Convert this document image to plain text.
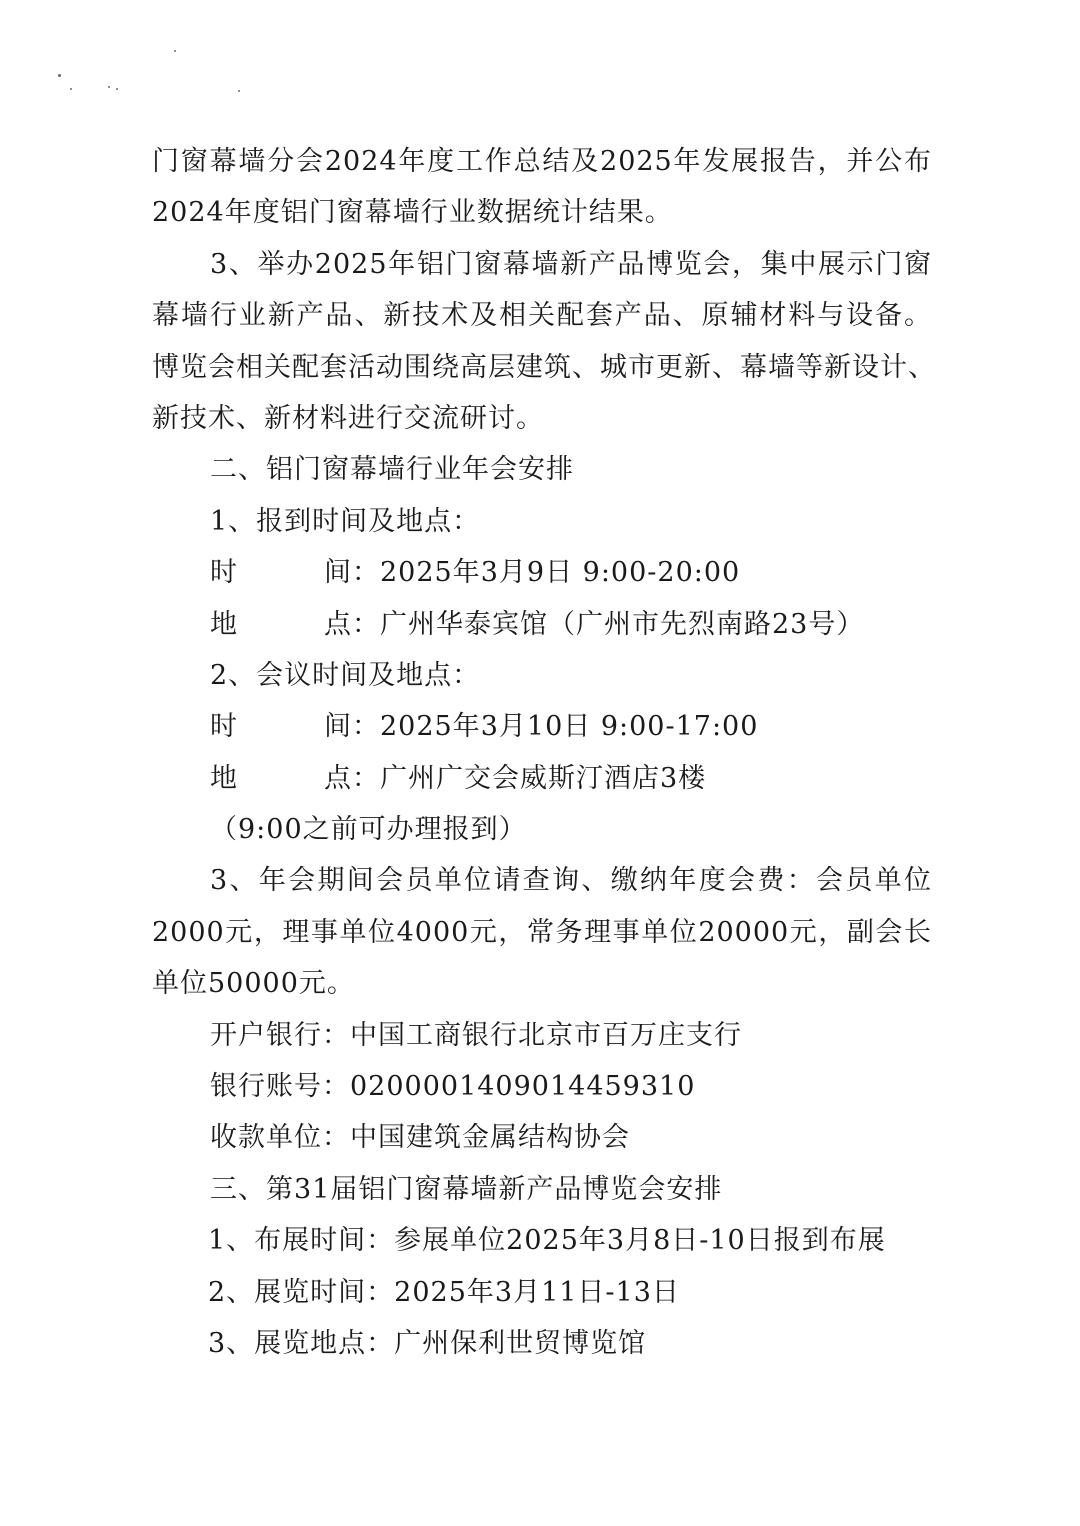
门窗幕墙分会2024年度工作总结及2025年发展报告，并公布
2024年度铝门窗幕墙行业数据统计结果。
3、举办2025年铝门窗幕墙新产品博览会，集中展示门窗
幕墙行业新产品、新技术及相关配套产品、原辅材料与设备。
博览会相关配套活动围绕高层建筑、城市更新、幕墙等新设计、
新技术、新材料进行交流研讨。
二、铝门窗幕墙行业年会安排
1、报到时间及地点：
时 间：2025年3月9日 9:00-20:00
地 点：广州华泰宾馆（广州市先烈南路23号）
2、会议时间及地点：
时 间：2025年3月10日 9:00-17:00
地 点：广州广交会威斯汀酒店3楼
（9:00之前可办理报到）
3、年会期间会员单位请查询、缴纳年度会费：会员单位
2000元，理事单位4000元，常务理事单位20000元，副会长
单位50000元。
开户银行：中国工商银行北京市百万庄支行
银行账号：0200001409014459310
收款单位：中国建筑金属结构协会
三、第31届铝门窗幕墙新产品博览会安排
1、布展时间：参展单位2025年3月8日-10日报到布展
2、展览时间：2025年3月11日-13日
3、展览地点：广州保利世贸博览馆
